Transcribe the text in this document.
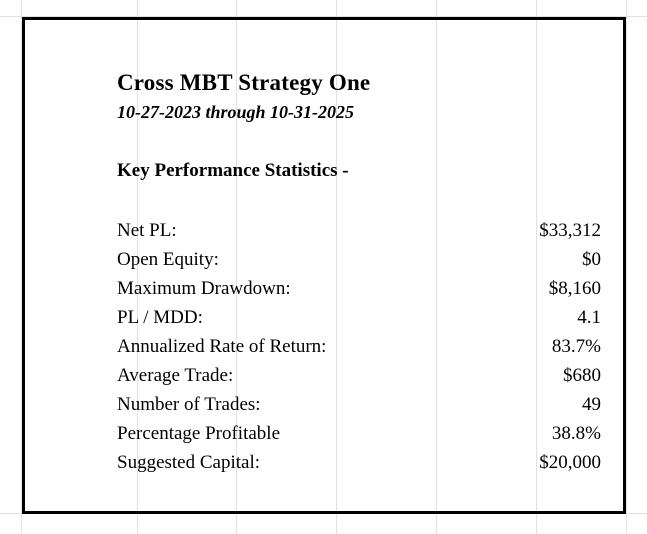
Cross MBT Strategy One
10-27-2023 through 10-31-2025
Key Performance Statistics -
Net PL:	$33,312
Open Equity:	$0
Maximum Drawdown:	$8,160
PL / MDD:	4.1
Annualized Rate of Return:	83.7%
Average Trade:	$680
Number of Trades:	49
Percentage Profitable	38.8%
Suggested Capital:	$20,000
